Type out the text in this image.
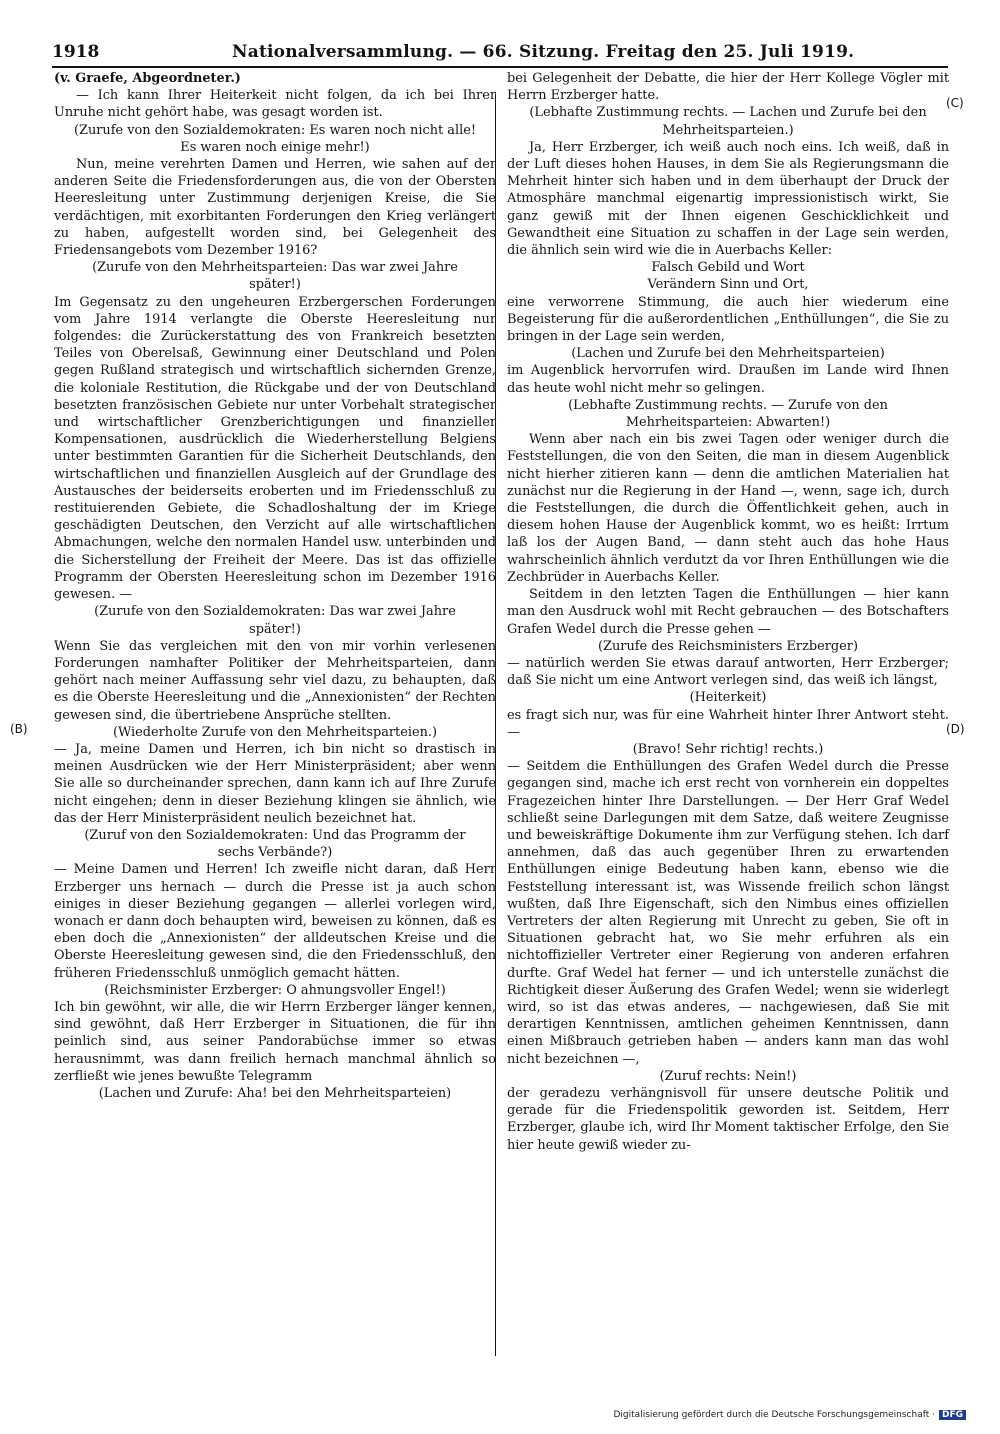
1918	Nationalversammlung. — 66. Sitzung. Freitag den 25. Juli 1919.
(C)
(B)	(D)

(v. Graefe, Abgeordneter.)

— Ich kann Ihrer Heiterkeit nicht folgen, da ich bei Ihrer Unruhe nicht gehört habe, was gesagt worden ist.

(Zurufe von den Sozialdemokraten: Es waren noch nicht alle! Es waren noch einige mehr!)

Nun, meine verehrten Damen und Herren, wie sahen auf der anderen Seite die Friedensforderungen aus, die von der Obersten Heeresleitung unter Zustimmung derjenigen Kreise, die Sie verdächtigen, mit exorbitanten Forderungen den Krieg verlängert zu haben, aufgestellt worden sind, bei Gelegenheit des Friedensangebots vom Dezember 1916?

(Zurufe von den Mehrheitsparteien: Das war zwei Jahre später!)

Im Gegensatz zu den ungeheuren Erzbergerschen Forderungen vom Jahre 1914 verlangte die Oberste Heeresleitung nur folgendes: die Zurückerstattung des von Frankreich besetzten Teiles von Oberelsaß, Gewinnung einer Deutschland und Polen gegen Rußland strategisch und wirtschaftlich sichernden Grenze, die koloniale Restitution, die Rückgabe und der von Deutschland besetzten französischen Gebiete nur unter Vorbehalt strategischer und wirtschaftlicher Grenzberichtigungen und finanzieller Kompensationen, ausdrücklich die Wiederherstellung Belgiens unter bestimmten Garantien für die Sicherheit Deutschlands, den wirtschaftlichen und finanziellen Ausgleich auf der Grundlage des Austausches der beiderseits eroberten und im Friedensschluß zu restituierenden Gebiete, die Schadloshaltung der im Kriege geschädigten Deutschen, den Verzicht auf alle wirtschaftlichen Abmachungen, welche den normalen Handel usw. unterbinden und die Sicherstellung der Freiheit der Meere. Das ist das offizielle Programm der Obersten Heeresleitung schon im Dezember 1916 gewesen. —

(Zurufe von den Sozialdemokraten: Das war zwei Jahre später!)

Wenn Sie das vergleichen mit den von mir vorhin verlesenen Forderungen namhafter Politiker der Mehrheitsparteien, dann gehört nach meiner Auffassung sehr viel dazu, zu behaupten, daß es die Oberste Heeresleitung und die „Annexionisten“ der Rechten gewesen sind, die übertriebene Ansprüche stellten.

(Wiederholte Zurufe von den Mehrheitsparteien.)

— Ja, meine Damen und Herren, ich bin nicht so drastisch in meinen Ausdrücken wie der Herr Ministerpräsident; aber wenn Sie alle so durcheinander sprechen, dann kann ich auf Ihre Zurufe nicht eingehen; denn in dieser Beziehung klingen sie ähnlich, wie das der Herr Ministerpräsident neulich bezeichnet hat.

(Zuruf von den Sozialdemokraten: Und das Programm der sechs Verbände?)

— Meine Damen und Herren! Ich zweifle nicht daran, daß Herr Erzberger uns hernach — durch die Presse ist ja auch schon einiges in dieser Beziehung gegangen — allerlei vorlegen wird, wonach er dann doch behaupten wird, beweisen zu können, daß es eben doch die „Annexionisten“ der alldeutschen Kreise und die Oberste Heeresleitung gewesen sind, die den Friedensschluß, den früheren Friedensschluß unmöglich gemacht hätten.

(Reichsminister Erzberger: O ahnungsvoller Engel!)

Ich bin gewöhnt, wir alle, die wir Herrn Erzberger länger kennen, sind gewöhnt, daß Herr Erzberger in Situationen, die für ihn peinlich sind, aus seiner Pandorabüchse immer so etwas herausnimmt, was dann freilich hernach manchmal ähnlich so zerfließt wie jenes bewußte Telegramm

(Lachen und Zurufe: Aha! bei den Mehrheitsparteien)

bei Gelegenheit der Debatte, die hier der Herr Kollege Vögler mit Herrn Erzberger hatte.

(Lebhafte Zustimmung rechts. — Lachen und Zurufe bei den Mehrheitsparteien.)

Ja, Herr Erzberger, ich weiß auch noch eins. Ich weiß, daß in der Luft dieses hohen Hauses, in dem Sie als Regierungsmann die Mehrheit hinter sich haben und in dem überhaupt der Druck der Atmosphäre manchmal eigenartig impressionistisch wirkt, Sie ganz gewiß mit der Ihnen eigenen Geschicklichkeit und Gewandtheit eine Situation zu schaffen in der Lage sein werden, die ähnlich sein wird wie die in Auerbachs Keller:

Falsch Gebild und Wort

Verändern Sinn und Ort,

eine verworrene Stimmung, die auch hier wiederum eine Begeisterung für die außerordentlichen „Enthüllungen“, die Sie zu bringen in der Lage sein werden,

(Lachen und Zurufe bei den Mehrheitsparteien)

im Augenblick hervorrufen wird. Draußen im Lande wird Ihnen das heute wohl nicht mehr so gelingen.

(Lebhafte Zustimmung rechts. — Zurufe von den Mehrheitsparteien: Abwarten!)

Wenn aber nach ein bis zwei Tagen oder weniger durch die Feststellungen, die von den Seiten, die man in diesem Augenblick nicht hierher zitieren kann — denn die amtlichen Materialien hat zunächst nur die Regierung in der Hand —, wenn, sage ich, durch die Feststellungen, die durch die Öffentlichkeit gehen, auch in diesem hohen Hause der Augenblick kommt, wo es heißt: Irrtum laß los der Augen Band, — dann steht auch das hohe Haus wahrscheinlich ähnlich verdutzt da vor Ihren Enthüllungen wie die Zechbrüder in Auerbachs Keller.

Seitdem in den letzten Tagen die Enthüllungen — hier kann man den Ausdruck wohl mit Recht gebrauchen — des Botschafters Grafen Wedel durch die Presse gehen —

(Zurufe des Reichsministers Erzberger)

— natürlich werden Sie etwas darauf antworten, Herr Erzberger; daß Sie nicht um eine Antwort verlegen sind, das weiß ich längst,

(Heiterkeit)

es fragt sich nur, was für eine Wahrheit hinter Ihrer Antwort steht. —

(Bravo! Sehr richtig! rechts.)

— Seitdem die Enthüllungen des Grafen Wedel durch die Presse gegangen sind, mache ich erst recht von vornherein ein doppeltes Fragezeichen hinter Ihre Darstellungen. — Der Herr Graf Wedel schließt seine Darlegungen mit dem Satze, daß weitere Zeugnisse und beweiskräftige Dokumente ihm zur Verfügung stehen. Ich darf annehmen, daß das auch gegenüber Ihren zu erwartenden Enthüllungen einige Bedeutung haben kann, ebenso wie die Feststellung interessant ist, was Wissende freilich schon längst wußten, daß Ihre Eigenschaft, sich den Nimbus eines offiziellen Vertreters der alten Regierung mit Unrecht zu geben, Sie oft in Situationen gebracht hat, wo Sie mehr erfuhren als ein nichtoffizieller Vertreter einer Regierung von anderen erfahren durfte. Graf Wedel hat ferner — und ich unterstelle zunächst die Richtigkeit dieser Äußerung des Grafen Wedel; wenn sie widerlegt wird, so ist das etwas anderes, — nachgewiesen, daß Sie mit derartigen Kenntnissen, amtlichen geheimen Kenntnissen, dann einen Mißbrauch getrieben haben — anders kann man das wohl nicht bezeichnen —,

(Zuruf rechts: Nein!)

der geradezu verhängnisvoll für unsere deutsche Politik und gerade für die Friedenspolitik geworden ist. Seitdem, Herr Erzberger, glaube ich, wird Ihr Moment taktischer Erfolge, den Sie hier heute gewiß wieder zu-

Digitalisierung gefördert durch die Deutsche Forschungsgemeinschaft · DFG
